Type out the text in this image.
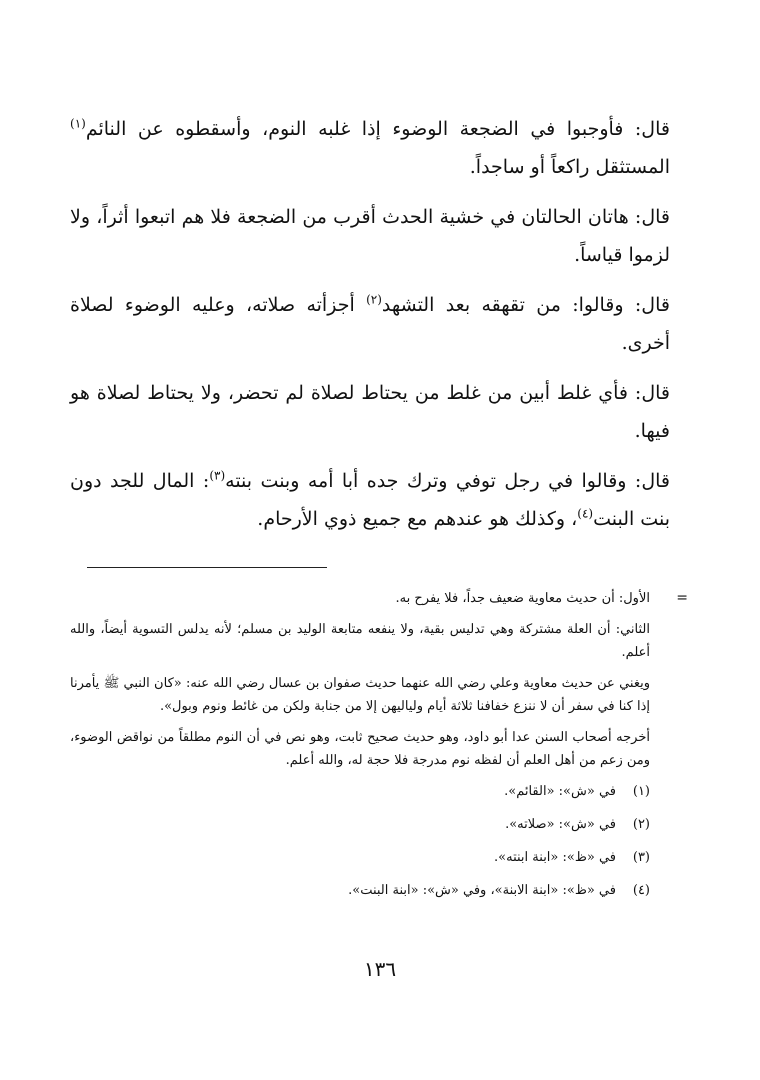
قال: فأوجبوا في الضجعة الوضوء إذا غلبه النوم، وأسقطوه عن النائم$^{(١)}$ المستثقل راكعاً أو ساجداً.

قال: هاتان الحالتان في خشية الحدث أقرب من الضجعة فلا هم اتبعوا أثراً، ولا لزموا قياساً.

قال: وقالوا: من تقهقه بعد التشهد$^{(٢)}$ أجزأته صلاته، وعليه الوضوء لصلاة أخرى.

قال: فأي غلط أبين من غلط من يحتاط لصلاة لم تحضر، ولا يحتاط لصلاة هو فيها.

قال: وقالوا في رجل توفي وترك جده أبا أمه وبنت بنته$^{(٣)}$: المال للجد دون بنت البنت$^{(٤)}$، وكذلك هو عندهم مع جميع ذوي الأرحام.

=

الأول: أن حديث معاوية ضعيف جداً، فلا يفرح به.

الثاني: أن العلة مشتركة وهي تدليس بقية، ولا ينفعه متابعة الوليد بن مسلم؛ لأنه يدلس التسوية أيضاً، والله أعلم.

ويغني عن حديث معاوية وعلي رضي الله عنهما حديث صفوان بن عسال رضي الله عنه: «كان النبي ﷺ يأمرنا إذا كنا في سفر أن لا ننزع خفافنا ثلاثة أيام ولياليهن إلا من جنابة ولكن من غائط ونوم وبول».

أخرجه أصحاب السنن عدا أبو داود، وهو حديث صحيح ثابت، وهو نص في أن النوم مطلقاً من نواقض الوضوء، ومن زعم من أهل العلم أن لفظه نوم مدرجة فلا حجة له، والله أعلم.

(١)في «ش»: «القائم».
(٢)في «ش»: «صلاته».
(٣)في «ظ»: «ابنة ابنته».
(٤)في «ظ»: «ابنة الابنة»، وفي «ش»: «ابنة البنت».
١٣٦
